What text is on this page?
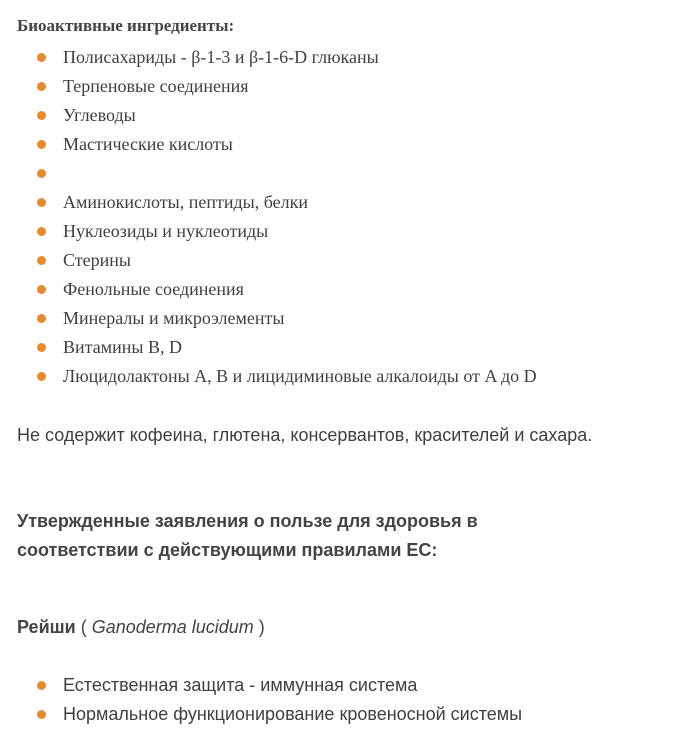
Биоактивные ингредиенты:
Полисахариды - β-1-3 и β-1-6-D глюканы
Терпеновые соединения
Углеводы
Мастические кислоты
Аминокислоты, пептиды, белки
Нуклеозиды и нуклеотиды
Стерины
Фенольные соединения
Минералы и микроэлементы
Витамины B, D
Люцидолактоны A, B и лицидиминовые алкалоиды от A до D
Не содержит кофеина, глютена, консервантов, красителей и сахара.
Утвержденные заявления о пользе для здоровья в
соответствии с действующими правилами ЕС:
Рейши ( Ganoderma lucidum )
Естественная защита - иммунная система
Нормальное функционирование кровеносной системы
